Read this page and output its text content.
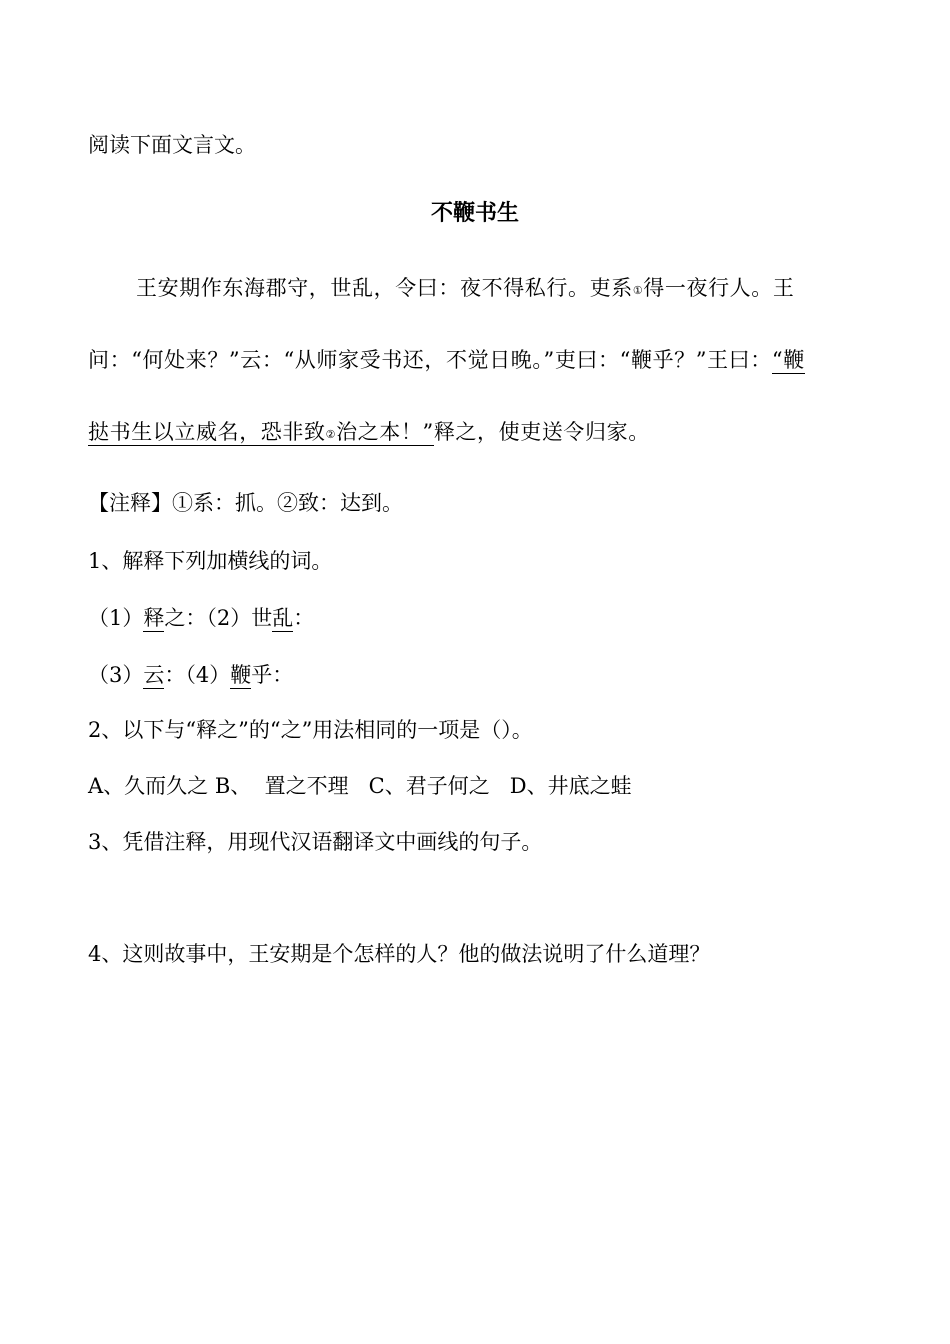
阅读下面文言文。
不鞭书生
王安期作东海郡守，世乱，令曰：夜不得私行。吏系①得一夜行人。王
问：“何处来？”云：“从师家受书还，不觉日晚。”吏曰：“鞭乎？”王曰：“鞭
挞书生以立威名，恐非致②治之本！”释之，使吏送令归家。
【注释】①系：抓。②致：达到。
1、解释下列加横线的词。
（1）释之：（2）世乱：
（3）云：（4）鞭乎：
2、以下与“释之”的“之”用法相同的一项是（）。
A、久而久之 B、  置之不理   C、君子何之   D、井底之蛙
3、凭借注释，用现代汉语翻译文中画线的句子。
4、这则故事中，王安期是个怎样的人？他的做法说明了什么道理？
